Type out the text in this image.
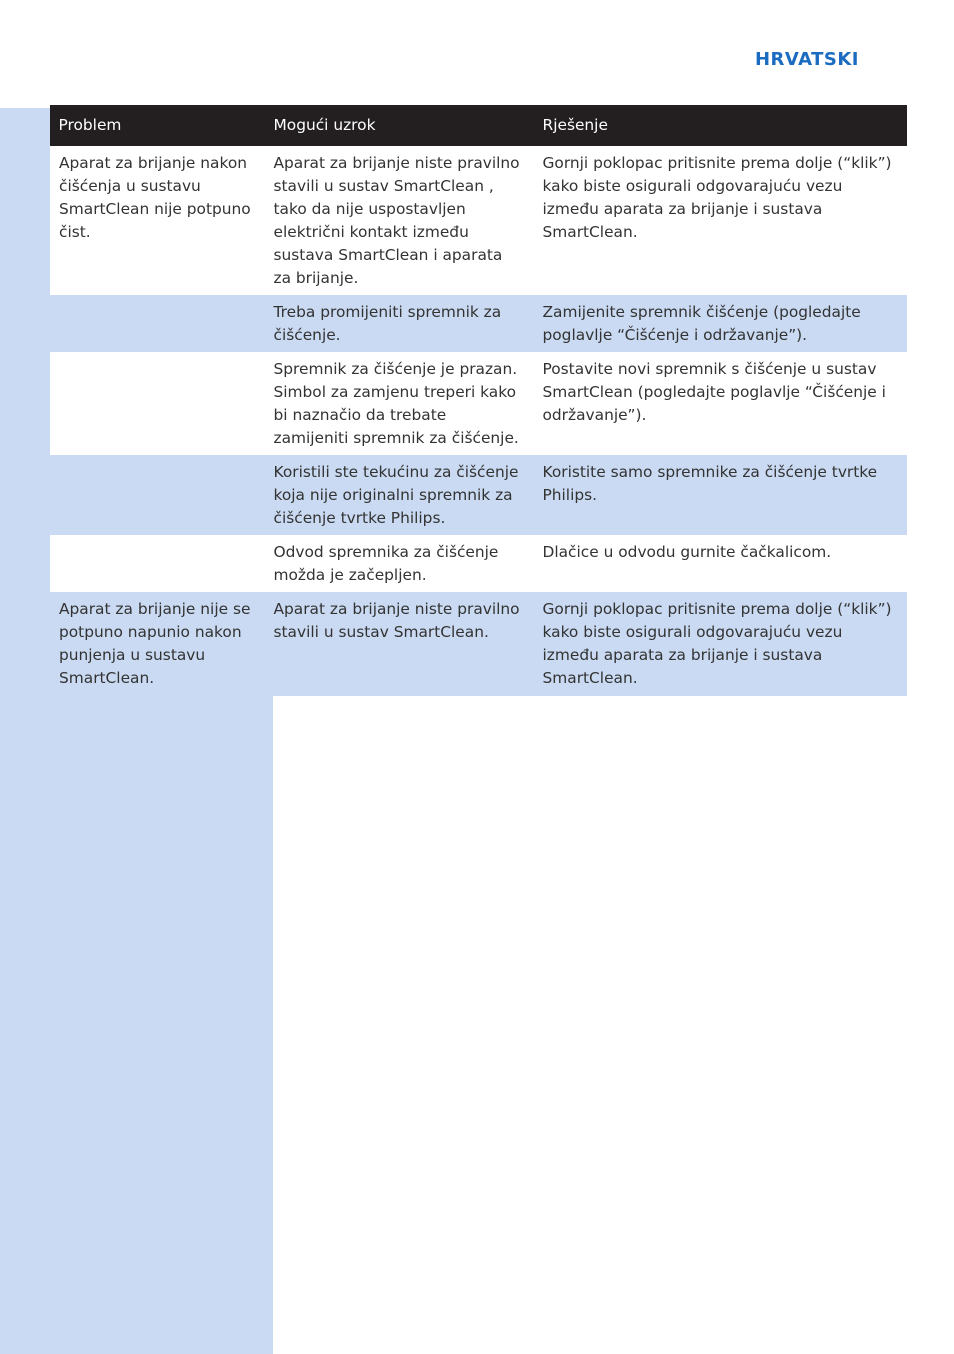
HRVATSKI
Problem	Mogući uzrok	Rješenje
Aparat za brijanje nakon čišćenja u sustavu SmartClean nije potpuno čist.	Aparat za brijanje niste pravilno stavili u sustav SmartClean , tako da nije uspostavljen električni kontakt između sustava SmartClean i aparata za brijanje.	Gornji poklopac pritisnite prema dolje (“klik”) kako biste osigurali odgovarajuću vezu između aparata za brijanje i sustava SmartClean.
	Treba promijeniti spremnik za čišćenje.	Zamijenite spremnik čišćenje (pogledajte poglavlje “Čišćenje i održavanje”).
	Spremnik za čišćenje je prazan. Simbol za zamjenu treperi kako bi naznačio da trebate zamijeniti spremnik za čišćenje.	Postavite novi spremnik s čišćenje u sustav SmartClean (pogledajte poglavlje “Čišćenje i održavanje”).
	Koristili ste tekućinu za čišćenje koja nije originalni spremnik za čišćenje tvrtke Philips.	Koristite samo spremnike za čišćenje tvrtke Philips.
	Odvod spremnika za čišćenje možda je začepljen.	Dlačice u odvodu gurnite čačkalicom.
Aparat za brijanje nije se potpuno napunio nakon punjenja u sustavu SmartClean.	Aparat za brijanje niste pravilno stavili u sustav SmartClean.	Gornji poklopac pritisnite prema dolje (“klik”) kako biste osigurali odgovarajuću vezu između aparata za brijanje i sustava SmartClean.
